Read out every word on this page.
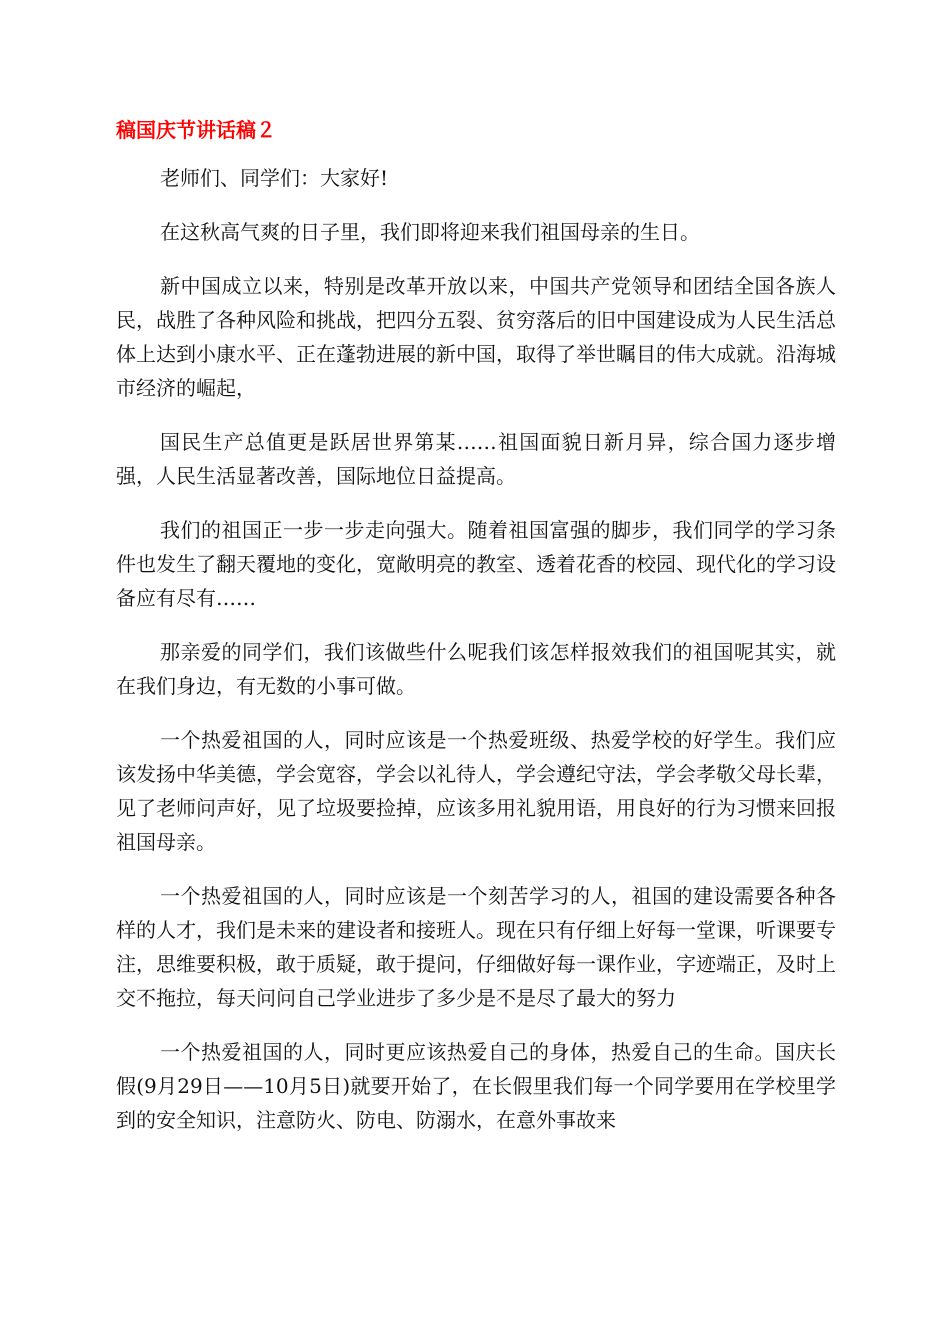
稿国庆节讲话稿２

老师们、同学们：大家好!

在这秋高气爽的日子里，我们即将迎来我们祖国母亲的生日。

新中国成立以来，特别是改革开放以来，中国共产党领导和团结全国各族人民，战胜了各种风险和挑战，把四分五裂、贫穷落后的旧中国建设成为人民生活总体上达到小康水平、正在蓬勃进展的新中国，取得了举世瞩目的伟大成就。沿海城市经济的崛起，

国民生产总值更是跃居世界第某……祖国面貌日新月异，综合国力逐步增强，人民生活显著改善，国际地位日益提高。

我们的祖国正一步一步走向强大。随着祖国富强的脚步，我们同学的学习条件也发生了翻天覆地的变化，宽敞明亮的教室、透着花香的校园、现代化的学习设备应有尽有……

那亲爱的同学们，我们该做些什么呢我们该怎样报效我们的祖国呢其实，就在我们身边，有无数的小事可做。

一个热爱祖国的人，同时应该是一个热爱班级、热爱学校的好学生。我们应该发扬中华美德，学会宽容，学会以礼待人，学会遵纪守法，学会孝敬父母长辈，见了老师问声好，见了垃圾要捡掉，应该多用礼貌用语，用良好的行为习惯来回报祖国母亲。

一个热爱祖国的人，同时应该是一个刻苦学习的人，祖国的建设需要各种各样的人才，我们是未来的建设者和接班人。现在只有仔细上好每一堂课，听课要专注，思维要积极，敢于质疑，敢于提问，仔细做好每一课作业，字迹端正，及时上交不拖拉，每天问问自己学业进步了多少是不是尽了最大的努力

一个热爱祖国的人，同时更应该热爱自己的身体，热爱自己的生命。国庆长假(9月29日——10月5日)就要开始了，在长假里我们每一个同学要用在学校里学到的安全知识，注意防火、防电、防溺水，在意外事故来
